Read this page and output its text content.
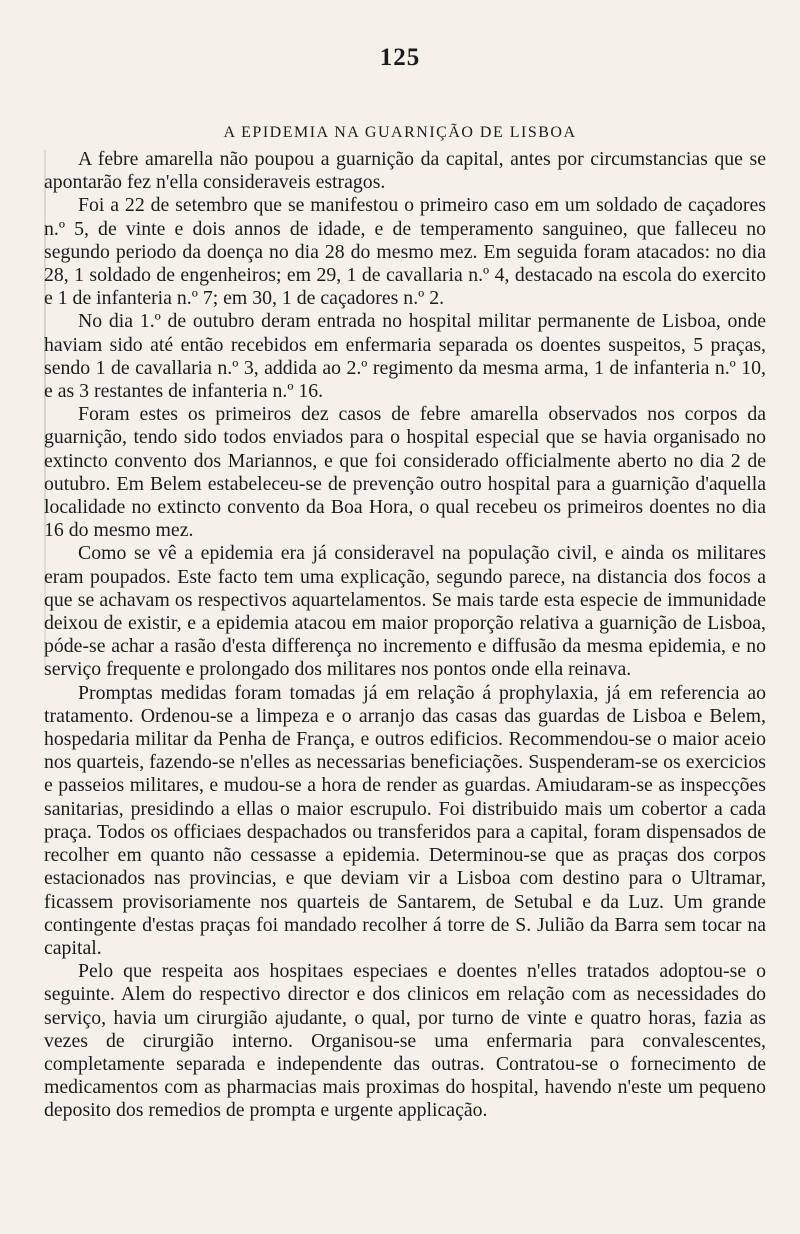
125
A EPIDEMIA NA GUARNIÇÃO DE LISBOA

A febre amarella não poupou a guarnição da capital, antes por circumstancias que se apontarão fez n'ella consideraveis estragos.

Foi a 22 de setembro que se manifestou o primeiro caso em um soldado de caçadores n.º 5, de vinte e dois annos de idade, e de temperamento sanguineo, que falleceu no segundo periodo da doença no dia 28 do mesmo mez. Em seguida foram atacados: no dia 28, 1 soldado de engenheiros; em 29, 1 de cavallaria n.º 4, destacado na escola do exercito e 1 de infanteria n.º 7; em 30, 1 de caçadores n.º 2.

No dia 1.º de outubro deram entrada no hospital militar permanente de Lisboa, onde haviam sido até então recebidos em enfermaria separada os doentes suspeitos, 5 praças, sendo 1 de cavallaria n.º 3, addida ao 2.º regimento da mesma arma, 1 de infanteria n.º 10, e as 3 restantes de infanteria n.º 16.

Foram estes os primeiros dez casos de febre amarella observados nos corpos da guarnição, tendo sido todos enviados para o hospital especial que se havia organisado no extincto convento dos Mariannos, e que foi considerado officialmente aberto no dia 2 de outubro. Em Belem estabeleceu-se de prevenção outro hospital para a guarnição d'aquella localidade no extincto convento da Boa Hora, o qual recebeu os primeiros doentes no dia 16 do mesmo mez.

Como se vê a epidemia era já consideravel na população civil, e ainda os militares eram poupados. Este facto tem uma explicação, segundo parece, na distancia dos focos a que se achavam os respectivos aquartelamentos. Se mais tarde esta especie de immunidade deixou de existir, e a epidemia atacou em maior proporção relativa a guarnição de Lisboa, póde-se achar a rasão d'esta differença no incremento e diffusão da mesma epidemia, e no serviço frequente e prolongado dos militares nos pontos onde ella reinava.

Promptas medidas foram tomadas já em relação á prophylaxia, já em referencia ao tratamento. Ordenou-se a limpeza e o arranjo das casas das guardas de Lisboa e Belem, hospedaria militar da Penha de França, e outros edificios. Recommendou-se o maior aceio nos quarteis, fazendo-se n'elles as necessarias beneficiações. Suspenderam-se os exercicios e passeios militares, e mudou-se a hora de render as guardas. Amiudaram-se as inspecções sanitarias, presidindo a ellas o maior escrupulo. Foi distribuido mais um cobertor a cada praça. Todos os officiaes despachados ou transferidos para a capital, foram dispensados de recolher em quanto não cessasse a epidemia. Determinou-se que as praças dos corpos estacionados nas provincias, e que deviam vir a Lisboa com destino para o Ultramar, ficassem provisoriamente nos quarteis de Santarem, de Setubal e da Luz. Um grande contingente d'estas praças foi mandado recolher á torre de S. Julião da Barra sem tocar na capital.

Pelo que respeita aos hospitaes especiaes e doentes n'elles tratados adoptou-se o seguinte. Alem do respectivo director e dos clinicos em relação com as necessidades do serviço, havia um cirurgião ajudante, o qual, por turno de vinte e quatro horas, fazia as vezes de cirurgião interno. Organisou-se uma enfermaria para convalescentes, completamente separada e independente das outras. Contratou-se o fornecimento de medicamentos com as pharmacias mais proximas do hospital, havendo n'este um pequeno deposito dos remedios de prompta e urgente applicação.
